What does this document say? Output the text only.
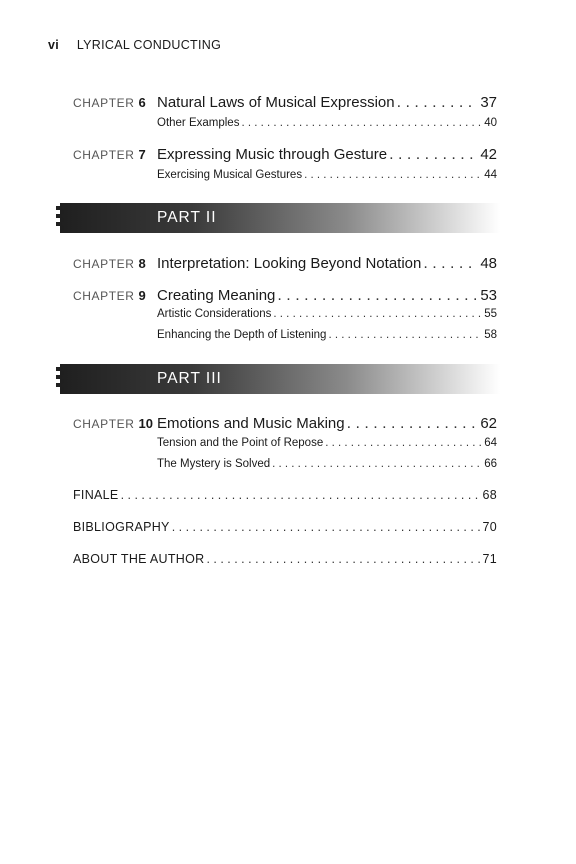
vi LYRICAL CONDUCTING
CHAPTER 6 Natural Laws of Musical Expression . . .	37
Other Examples . . .	40
CHAPTER 7 Expressing Music through Gesture . . .	42
Exercising Musical Gestures . . .	44
PART II
CHAPTER 8 Interpretation: Looking Beyond Notation . . .	48
CHAPTER 9 Creating Meaning . . .	53
Artistic Considerations . . .	55
Enhancing the Depth of Listening . . .	58
PART III
CHAPTER 10 Emotions and Music Making . . .	62
Tension and the Point of Repose . . .	64
The Mystery is Solved . . .	66
FINALE . . .	68
BIBLIOGRAPHY . . .	70
ABOUT THE AUTHOR . . .	71
